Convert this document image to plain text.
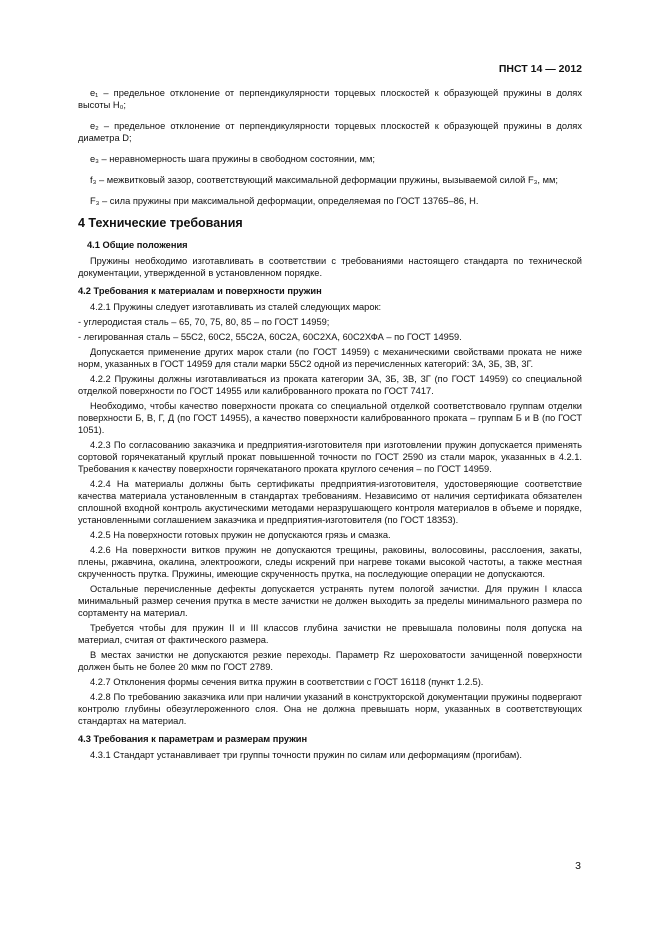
ПНСТ 14 — 2012

e₁ – предельное отклонение от перпендикулярности торцевых плоскостей к образующей пружины в долях высоты H₀;

e₂ – предельное отклонение от перпендикулярности торцевых плоскостей к образующей пружины в долях диаметра D;

e₃ – неравномерность шага пружины в свободном состоянии, мм;

f₃ – межвитковый зазор, соответствующий максимальной деформации пружины, вызываемой силой F₃, мм;

F₃ – сила пружины при максимальной деформации, определяемая по ГОСТ 13765–86, Н.

4 Технические требования
4.1 Общие положения

Пружины необходимо изготавливать в соответствии с требованиями настоящего стандарта по технической документации, утвержденной в установленном порядке.

4.2 Требования к материалам и поверхности пружин

4.2.1 Пружины следует изготавливать из сталей следующих марок:

- углеродистая сталь – 65, 70, 75, 80, 85 – по ГОСТ 14959;

- легированная сталь – 55С2, 60С2, 55С2А, 60С2А, 60С2ХА, 60С2ХФА – по ГОСТ 14959.

Допускается применение других марок стали (по ГОСТ 14959) с механическими свойствами проката не ниже норм, указанных в ГОСТ 14959 для стали марки 55С2 одной из перечисленных категорий: 3А, 3Б, 3В, 3Г.

4.2.2 Пружины должны изготавливаться из проката категории 3А, 3Б, 3В, 3Г (по ГОСТ 14959) со специальной отделкой поверхности по ГОСТ 14955 или калиброванного проката по ГОСТ 7417.

Необходимо, чтобы качество поверхности проката со специальной отделкой соответствовало группам отделки поверхности Б, В, Г, Д (по ГОСТ 14955), а качество поверхности калиброванного проката – группам Б и В (по ГОСТ 1051).

4.2.3 По согласованию заказчика и предприятия-изготовителя при изготовлении пружин допускается применять сортовой горячекатаный круглый прокат повышенной точности по ГОСТ 2590 из стали марок, указанных в 4.2.1. Требования к качеству поверхности горячекатаного проката круглого сечения – по ГОСТ 14959.

4.2.4 На материалы должны быть сертификаты предприятия-изготовителя, удостоверяющие соответствие качества материала установленным в стандартах требованиям. Независимо от наличия сертификата обязателен сплошной входной контроль акустическими методами неразрушающего контроля материалов в объеме и порядке, установленными соглашением заказчика и предприятия-изготовителя (по ГОСТ 18353).

4.2.5 На поверхности готовых пружин не допускаются грязь и смазка.

4.2.6 На поверхности витков пружин не допускаются трещины, раковины, волосовины, расслоения, закаты, плены, ржавчина, окалина, электроожоги, следы искрений при нагреве токами высокой частоты, а также местная скрученность прутка. Пружины, имеющие скрученность прутка, на последующие операции не допускаются.

Остальные перечисленные дефекты допускается устранять путем пологой зачистки. Для пружин I класса минимальный размер сечения прутка в месте зачистки не должен выходить за пределы минимального размера по сортаменту на материал.

Требуется чтобы для пружин II и III классов глубина зачистки не превышала половины поля допуска на материал, считая от фактического размера.

В местах зачистки не допускаются резкие переходы. Параметр Rz шероховатости зачищенной поверхности должен быть не более 20 мкм по ГОСТ 2789.

4.2.7 Отклонения формы сечения витка пружин в соответствии с ГОСТ 16118 (пункт 1.2.5).

4.2.8 По требованию заказчика или при наличии указаний в конструкторской документации пружины подвергают контролю глубины обезуглероженного слоя. Она не должна превышать норм, указанных в соответствующих стандартах на материал.

4.3 Требования к параметрам и размерам пружин

4.3.1 Стандарт устанавливает три группы точности пружин по силам или деформациям (прогибам).

3
